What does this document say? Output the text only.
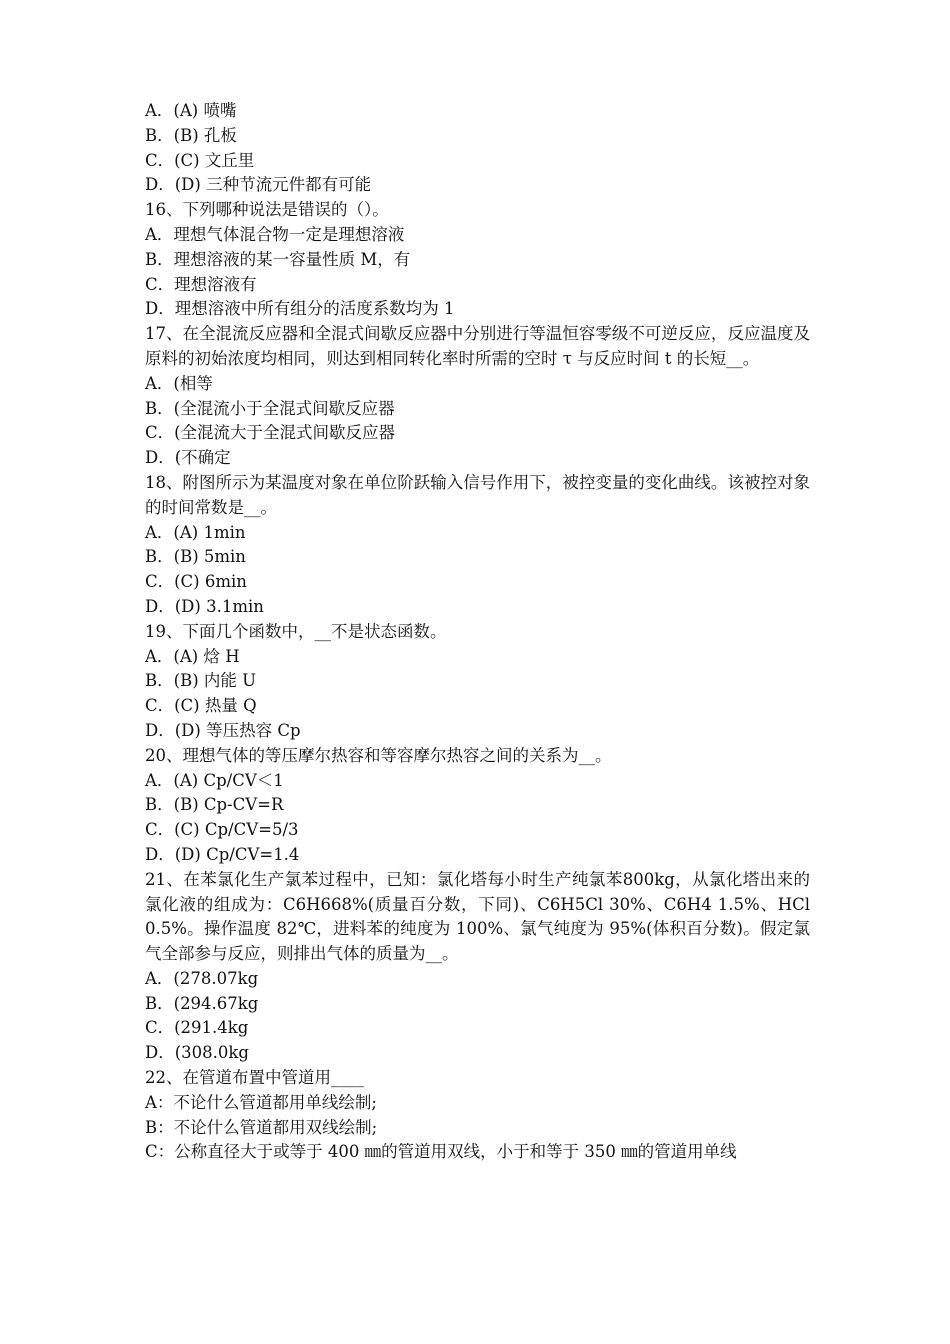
A．(A) 喷嘴
B．(B) 孔板
C．(C) 文丘里
D．(D) 三种节流元件都有可能
16、下列哪种说法是错误的（）。
A．理想气体混合物一定是理想溶液
B．理想溶液的某一容量性质 M，有
C．理想溶液有
D．理想溶液中所有组分的活度系数均为 1
17、在全混流反应器和全混式间歇反应器中分别进行等温恒容零级不可逆反应，反应温度及原料的初始浓度均相同，则达到相同转化率时所需的空时 τ 与反应时间 t 的长短__。
A．(相等
B．(全混流小于全混式间歇反应器
C．(全混流大于全混式间歇反应器
D．(不确定
18、附图所示为某温度对象在单位阶跃输入信号作用下，被控变量的变化曲线。该被控对象的时间常数是__。
A．(A) 1min
B．(B) 5min
C．(C) 6min
D．(D) 3.1min
19、下面几个函数中，__不是状态函数。
A．(A) 焓 H
B．(B) 内能 U
C．(C) 热量 Q
D．(D) 等压热容 Cp
20、理想气体的等压摩尔热容和等容摩尔热容之间的关系为__。
A．(A) Cp/CV＜1
B．(B) Cp-CV=R
C．(C) Cp/CV=5/3
D．(D) Cp/CV=1.4
21、在苯氯化生产氯苯过程中，已知：氯化塔每小时生产纯氯苯800kg，从氯化塔出来的氯化液的组成为：C6H668%(质量百分数，下同)、C6H5Cl 30%、C6H4 1.5%、HCl 0.5%。操作温度 82℃，进料苯的纯度为 100%、氯气纯度为 95%(体积百分数)。假定氯气全部参与反应，则排出气体的质量为__。
A．(278.07kg
B．(294.67kg
C．(291.4kg
D．(308.0kg
22、在管道布置中管道用____
A：不论什么管道都用单线绘制;
B：不论什么管道都用双线绘制;
C：公称直径大于或等于 400 ㎜的管道用双线，小于和等于 350 ㎜的管道用单线
